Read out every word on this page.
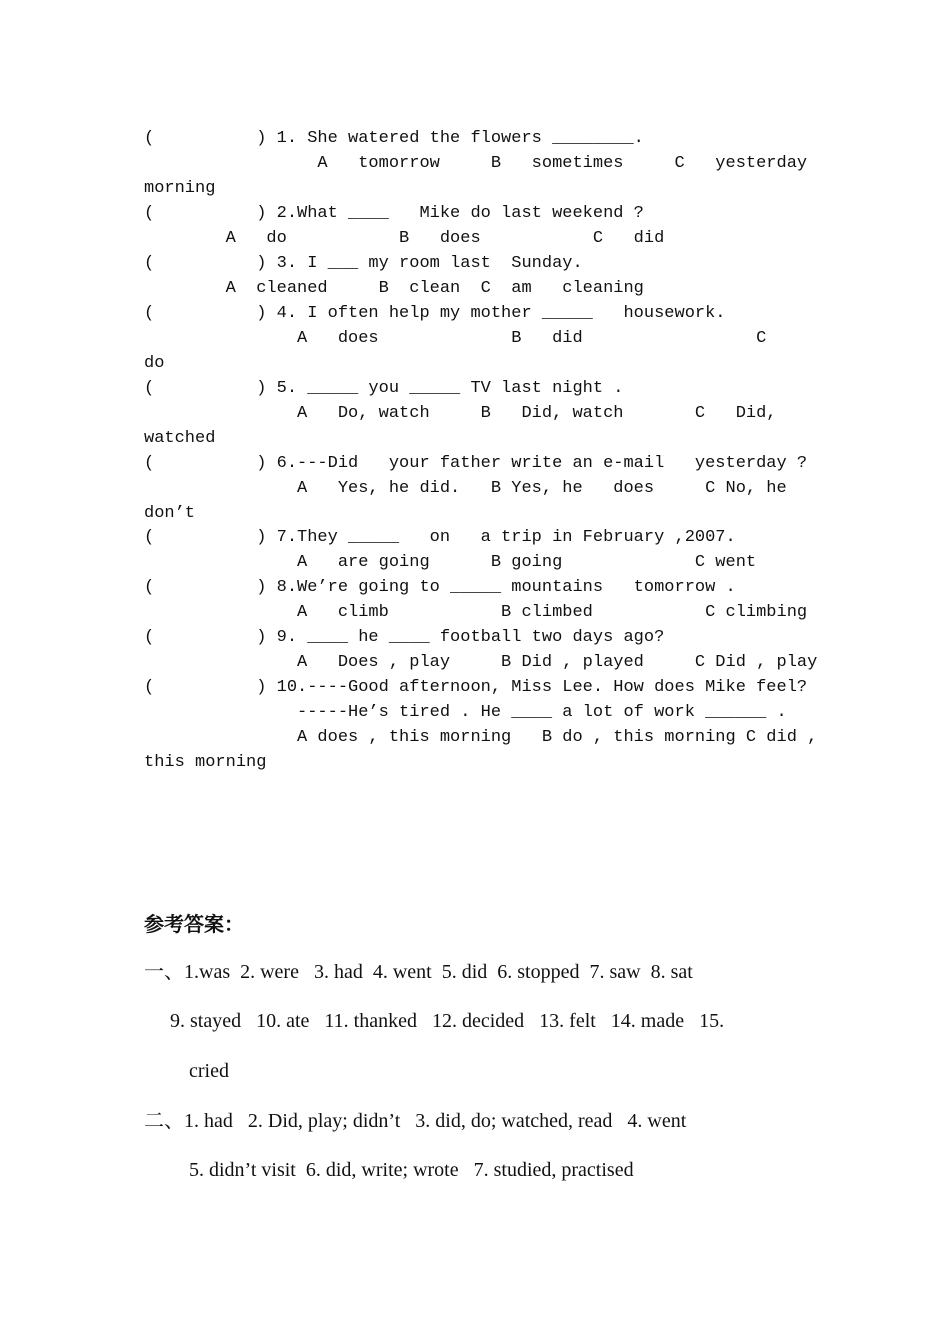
(          ) 1. She watered the flowers ________.
A   tomorrow     B   sometimes     C   yesterday
morning
(          ) 2.What ____   Mike do last weekend ?
A   do           B   does           C   did
(          ) 3. I ___ my room last  Sunday.
A  cleaned     B  clean  C  am   cleaning
(          ) 4. I often help my mother _____   housework.
A   does             B   did                 C
do
(          ) 5. _____ you _____ TV last night .
A   Do, watch     B   Did, watch       C   Did,
watched
(          ) 6.---Did   your father write an e-mail   yesterday ?
A   Yes, he did.   B Yes, he   does     C No, he
don’t
(          ) 7.They _____   on   a trip in February ,2007.
A   are going      B going             C went
(          ) 8.We’re going to _____ mountains   tomorrow .
A   climb           B climbed           C climbing
(          ) 9. ____ he ____ football two days ago?
A   Does , play     B Did , played     C Did , play
(          ) 10.----Good afternoon, Miss Lee. How does Mike feel?
-----He’s tired . He ____ a lot of work ______ .
A does , this morning   B do , this morning C did ,
this morning
参考答案：
一、1.was  2. were   3. had  4. went  5. did  6. stopped  7. saw  8. sat
9. stayed   10. ate   11. thanked   12. decided   13. felt   14. made   15.
cried
二、1. had   2. Did, play; didn’t   3. did, do; watched, read   4. went
5. didn’t visit  6. did, write; wrote   7. studied, practised
